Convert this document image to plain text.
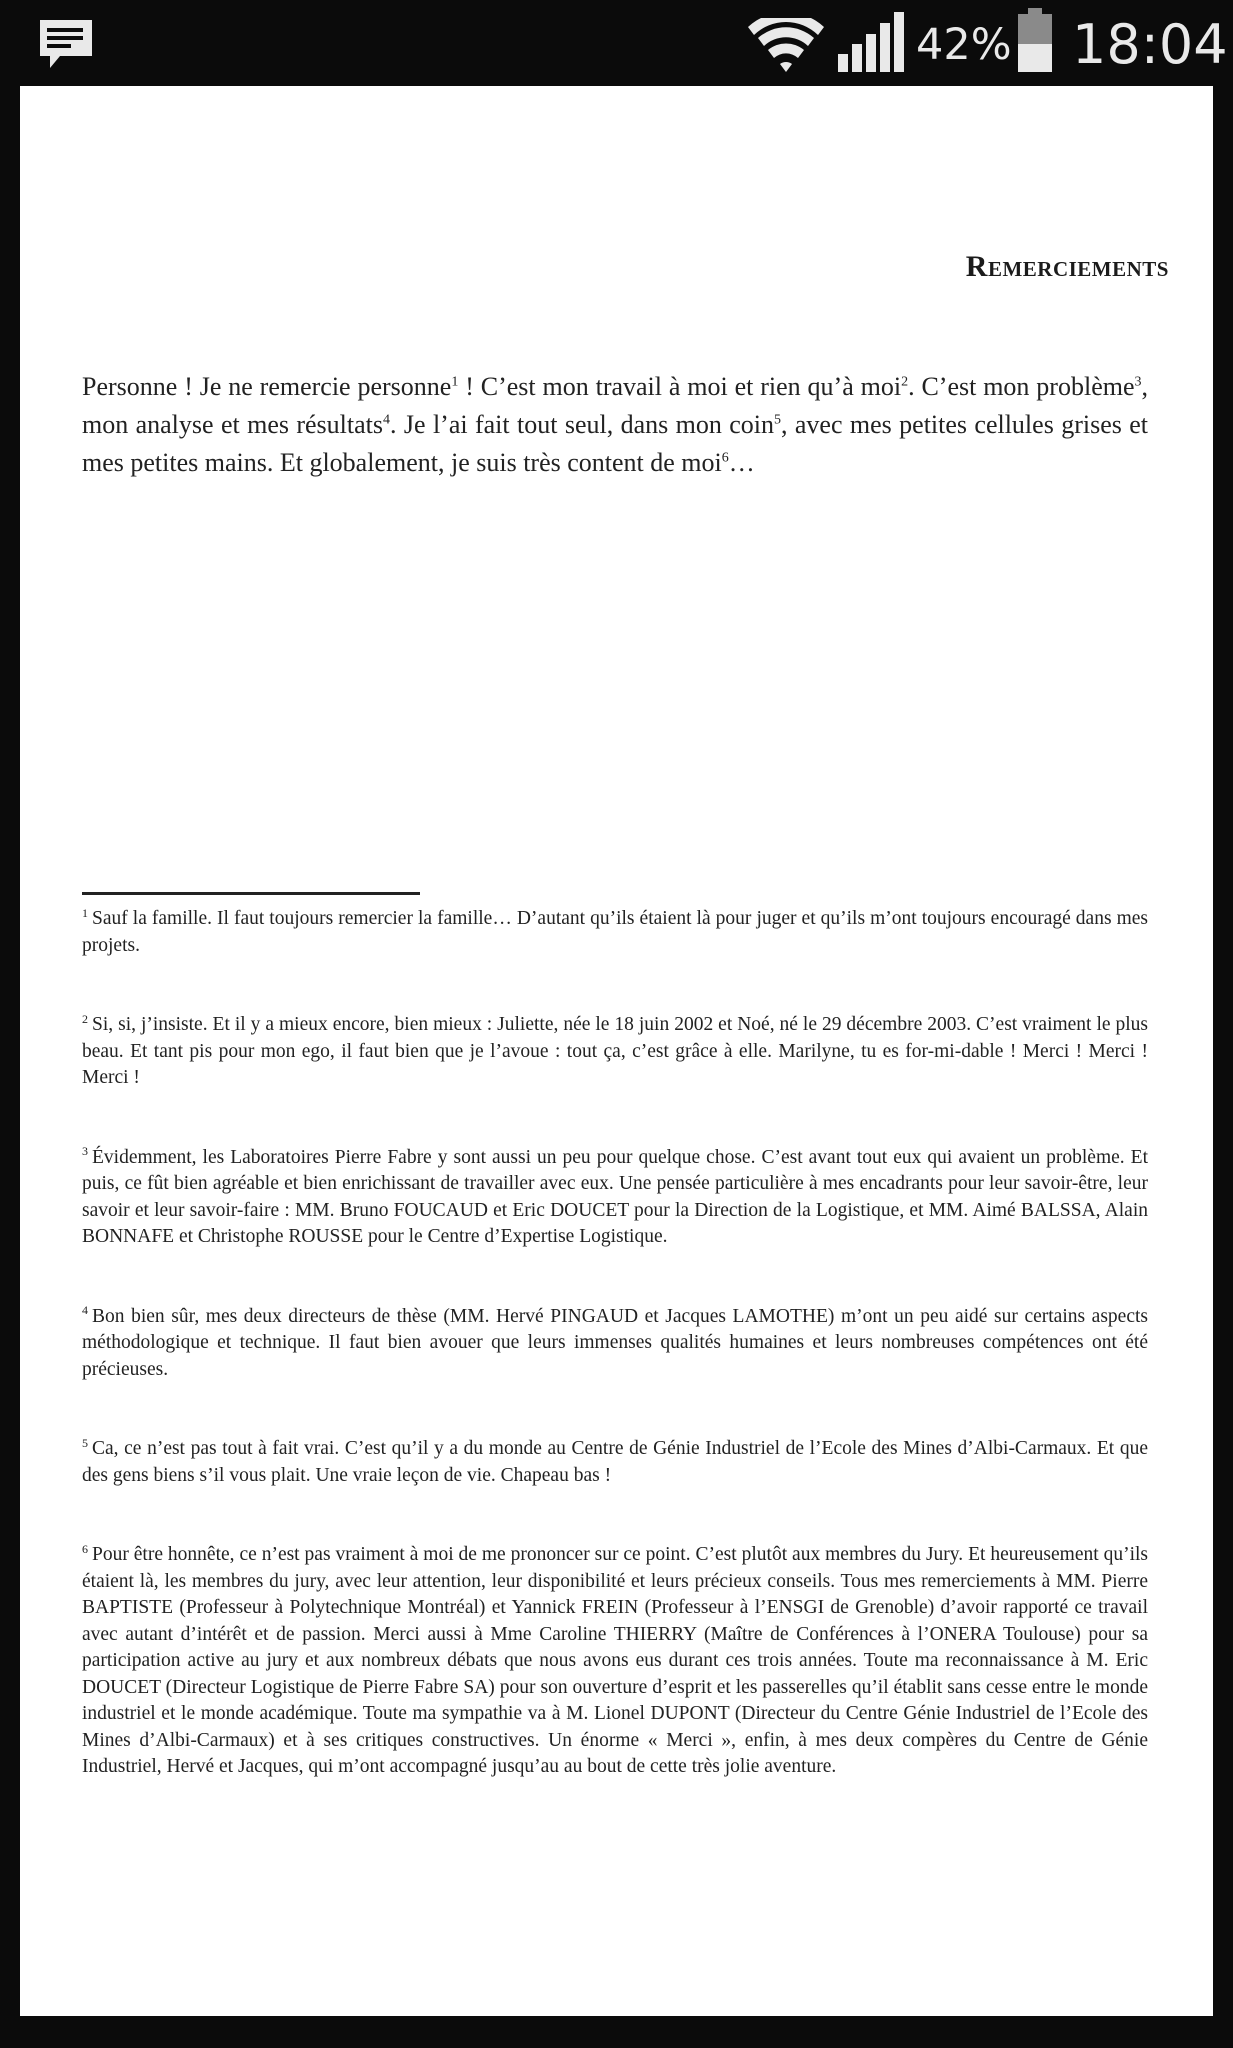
42% 18:04
Remerciements

Personne ! Je ne remercie personne$^1$ ! C’est mon travail à moi et rien qu’à moi$^2$. C’est mon problème$^3$, mon analyse et mes résultats$^4$. Je l’ai fait tout seul, dans mon coin$^5$, avec mes petites cellules grises et mes petites mains. Et globalement, je suis très content de moi$^6$…

$^1$ Sauf la famille. Il faut toujours remercier la famille… D’autant qu’ils étaient là pour juger et qu’ils m’ont toujours encouragé dans mes projets.

$^2$ Si, si, j’insiste. Et il y a mieux encore, bien mieux : Juliette, née le 18 juin 2002 et Noé, né le 29 décembre 2003. C’est vraiment le plus beau. Et tant pis pour mon ego, il faut bien que je l’avoue : tout ça, c’est grâce à elle. Marilyne, tu es for-mi-dable ! Merci ! Merci ! Merci !

$^3$ Évidemment, les Laboratoires Pierre Fabre y sont aussi un peu pour quelque chose. C’est avant tout eux qui avaient un problème. Et puis, ce fût bien agréable et bien enrichissant de travailler avec eux. Une pensée particulière à mes encadrants pour leur savoir-être, leur savoir et leur savoir-faire : MM. Bruno FOUCAUD et Eric DOUCET pour la Direction de la Logistique, et MM. Aimé BALSSA, Alain BONNAFE et Christophe ROUSSE pour le Centre d’Expertise Logistique.

$^4$ Bon bien sûr, mes deux directeurs de thèse (MM. Hervé PINGAUD et Jacques LAMOTHE) m’ont un peu aidé sur certains aspects méthodologique et technique. Il faut bien avouer que leurs immenses qualités humaines et leurs nombreuses compétences ont été précieuses.

$^5$ Ca, ce n’est pas tout à fait vrai. C’est qu’il y a du monde au Centre de Génie Industriel de l’Ecole des Mines d’Albi-Carmaux. Et que des gens biens s’il vous plait. Une vraie leçon de vie. Chapeau bas !

$^6$ Pour être honnête, ce n’est pas vraiment à moi de me prononcer sur ce point. C’est plutôt aux membres du Jury. Et heureusement qu’ils étaient là, les membres du jury, avec leur attention, leur disponibilité et leurs précieux conseils. Tous mes remerciements à MM. Pierre BAPTISTE (Professeur à Polytechnique Montréal) et Yannick FREIN (Professeur à l’ENSGI de Grenoble) d’avoir rapporté ce travail avec autant d’intérêt et de passion. Merci aussi à Mme Caroline THIERRY (Maître de Conférences à l’ONERA Toulouse) pour sa participation active au jury et aux nombreux débats que nous avons eus durant ces trois années. Toute ma reconnaissance à M. Eric DOUCET (Directeur Logistique de Pierre Fabre SA) pour son ouverture d’esprit et les passerelles qu’il établit sans cesse entre le monde industriel et le monde académique. Toute ma sympathie va à M. Lionel DUPONT (Directeur du Centre Génie Industriel de l’Ecole des Mines d’Albi-Carmaux) et à ses critiques constructives. Un énorme « Merci », enfin, à mes deux compères du Centre de Génie Industriel, Hervé et Jacques, qui m’ont accompagné jusqu’au au bout de cette très jolie aventure.
